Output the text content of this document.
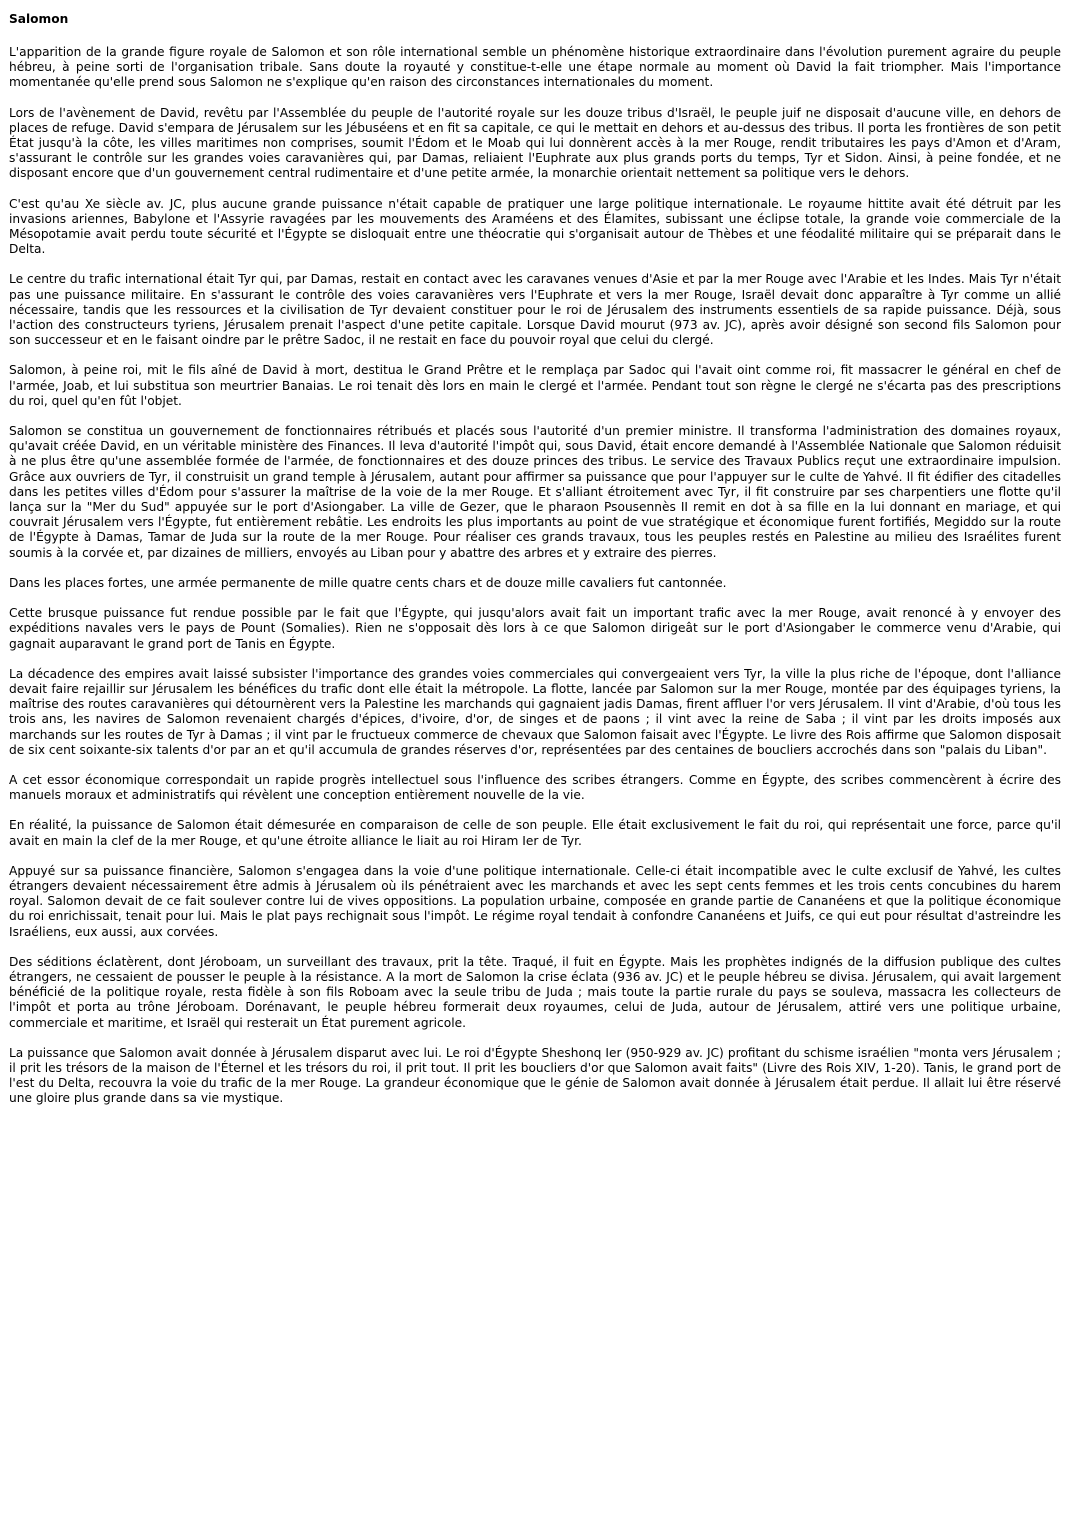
Salomon

L'apparition de la grande figure royale de Salomon et son rôle international semble un phénomène historique extraordinaire dans l'évolution purement agraire du peuple hébreu, à peine sorti de l'organisation tribale. Sans doute la royauté y constitue-t-elle une étape normale au moment où David la fait triompher. Mais l'importance momentanée qu'elle prend sous Salomon ne s'explique qu'en raison des circonstances internationales du moment.

Lors de l'avènement de David, revêtu par l'Assemblée du peuple de l'autorité royale sur les douze tribus d'Israël, le peuple juif ne disposait d'aucune ville, en dehors de places de refuge. David s'empara de Jérusalem sur les Jébuséens et en fit sa capitale, ce qui le mettait en dehors et au-dessus des tribus. Il porta les frontières de son petit État jusqu'à la côte, les villes maritimes non comprises, soumit l'Édom et le Moab qui lui donnèrent accès à la mer Rouge, rendit tributaires les pays d'Amon et d'Aram, s'assurant le contrôle sur les grandes voies caravanières qui, par Damas, reliaient l'Euphrate aux plus grands ports du temps, Tyr et Sidon. Ainsi, à peine fondée, et ne disposant encore que d'un gouvernement central rudimentaire et d'une petite armée, la monarchie orientait nettement sa politique vers le dehors.

C'est qu'au Xe siècle av. JC, plus aucune grande puissance n'était capable de pratiquer une large politique internationale. Le royaume hittite avait été détruit par les invasions ariennes, Babylone et l'Assyrie ravagées par les mouvements des Araméens et des Élamites, subissant une éclipse totale, la grande voie commerciale de la Mésopotamie avait perdu toute sécurité et l'Égypte se disloquait entre une théocratie qui s'organisait autour de Thèbes et une féodalité militaire qui se préparait dans le Delta.

Le centre du trafic international était Tyr qui, par Damas, restait en contact avec les caravanes venues d'Asie et par la mer Rouge avec l'Arabie et les Indes. Mais Tyr n'était pas une puissance militaire. En s'assurant le contrôle des voies caravanières vers l'Euphrate et vers la mer Rouge, Israël devait donc apparaître à Tyr comme un allié nécessaire, tandis que les ressources et la civilisation de Tyr devaient constituer pour le roi de Jérusalem des instruments essentiels de sa rapide puissance. Déjà, sous l'action des constructeurs tyriens, Jérusalem prenait l'aspect d'une petite capitale. Lorsque David mourut (973 av. JC), après avoir désigné son second fils Salomon pour son successeur et en le faisant oindre par le prêtre Sadoc, il ne restait en face du pouvoir royal que celui du clergé.

Salomon, à peine roi, mit le fils aîné de David à mort, destitua le Grand Prêtre et le remplaça par Sadoc qui l'avait oint comme roi, fit massacrer le général en chef de l'armée, Joab, et lui substitua son meurtrier Banaias. Le roi tenait dès lors en main le clergé et l'armée. Pendant tout son règne le clergé ne s'écarta pas des prescriptions du roi, quel qu'en fût l'objet.

Salomon se constitua un gouvernement de fonctionnaires rétribués et placés sous l'autorité d'un premier ministre. Il transforma l'administration des domaines royaux, qu'avait créée David, en un véritable ministère des Finances. Il leva d'autorité l'impôt qui, sous David, était encore demandé à l'Assemblée Nationale que Salomon réduisit à ne plus être qu'une assemblée formée de l'armée, de fonctionnaires et des douze princes des tribus. Le service des Travaux Publics reçut une extraordinaire impulsion. Grâce aux ouvriers de Tyr, il construisit un grand temple à Jérusalem, autant pour affirmer sa puissance que pour l'appuyer sur le culte de Yahvé. Il fit édifier des citadelles dans les petites villes d'Édom pour s'assurer la maîtrise de la voie de la mer Rouge. Et s'alliant étroitement avec Tyr, il fit construire par ses charpentiers une flotte qu'il lança sur la "Mer du Sud" appuyée sur le port d'Asiongaber. La ville de Gezer, que le pharaon Psousennès II remit en dot à sa fille en la lui donnant en mariage, et qui couvrait Jérusalem vers l'Égypte, fut entièrement rebâtie. Les endroits les plus importants au point de vue stratégique et économique furent fortifiés, Megiddo sur la route de l'Égypte à Damas, Tamar de Juda sur la route de la mer Rouge. Pour réaliser ces grands travaux, tous les peuples restés en Palestine au milieu des Israélites furent soumis à la corvée et, par dizaines de milliers, envoyés au Liban pour y abattre des arbres et y extraire des pierres.

Dans les places fortes, une armée permanente de mille quatre cents chars et de douze mille cavaliers fut cantonnée.

Cette brusque puissance fut rendue possible par le fait que l'Égypte, qui jusqu'alors avait fait un important trafic avec la mer Rouge, avait renoncé à y envoyer des expéditions navales vers le pays de Pount (Somalies). Rien ne s'opposait dès lors à ce que Salomon dirigeât sur le port d'Asiongaber le commerce venu d'Arabie, qui gagnait auparavant le grand port de Tanis en Égypte.

La décadence des empires avait laissé subsister l'importance des grandes voies commerciales qui convergeaient vers Tyr, la ville la plus riche de l'époque, dont l'alliance devait faire rejaillir sur Jérusalem les bénéfices du trafic dont elle était la métropole. La flotte, lancée par Salomon sur la mer Rouge, montée par des équipages tyriens, la maîtrise des routes caravanières qui détournèrent vers la Palestine les marchands qui gagnaient jadis Damas, firent affluer l'or vers Jérusalem. Il vint d'Arabie, d'où tous les trois ans, les navires de Salomon revenaient chargés d'épices, d'ivoire, d'or, de singes et de paons ; il vint avec la reine de Saba ; il vint par les droits imposés aux marchands sur les routes de Tyr à Damas ; il vint par le fructueux commerce de chevaux que Salomon faisait avec l'Égypte. Le livre des Rois affirme que Salomon disposait de six cent soixante-six talents d'or par an et qu'il accumula de grandes réserves d'or, représentées par des centaines de boucliers accrochés dans son "palais du Liban".

A cet essor économique correspondait un rapide progrès intellectuel sous l'influence des scribes étrangers. Comme en Égypte, des scribes commencèrent à écrire des manuels moraux et administratifs qui révèlent une conception entièrement nouvelle de la vie.

En réalité, la puissance de Salomon était démesurée en comparaison de celle de son peuple. Elle était exclusivement le fait du roi, qui représentait une force, parce qu'il avait en main la clef de la mer Rouge, et qu'une étroite alliance le liait au roi Hiram Ier de Tyr.

Appuyé sur sa puissance financière, Salomon s'engagea dans la voie d'une politique internationale. Celle-ci était incompatible avec le culte exclusif de Yahvé, les cultes étrangers devaient nécessairement être admis à Jérusalem où ils pénétraient avec les marchands et avec les sept cents femmes et les trois cents concubines du harem royal. Salomon devait de ce fait soulever contre lui de vives oppositions. La population urbaine, composée en grande partie de Cananéens et que la politique économique du roi enrichissait, tenait pour lui. Mais le plat pays rechignait sous l'impôt. Le régime royal tendait à confondre Cananéens et Juifs, ce qui eut pour résultat d'astreindre les Israéliens, eux aussi, aux corvées.

Des séditions éclatèrent, dont Jéroboam, un surveillant des travaux, prit la tête. Traqué, il fuit en Égypte. Mais les prophètes indignés de la diffusion publique des cultes étrangers, ne cessaient de pousser le peuple à la résistance. A la mort de Salomon la crise éclata (936 av. JC) et le peuple hébreu se divisa. Jérusalem, qui avait largement bénéficié de la politique royale, resta fidèle à son fils Roboam avec la seule tribu de Juda ; mais toute la partie rurale du pays se souleva, massacra les collecteurs de l'impôt et porta au trône Jéroboam. Dorénavant, le peuple hébreu formerait deux royaumes, celui de Juda, autour de Jérusalem, attiré vers une politique urbaine, commerciale et maritime, et Israël qui resterait un État purement agricole.

La puissance que Salomon avait donnée à Jérusalem disparut avec lui. Le roi d'Égypte Sheshonq Ier (950-929 av. JC) profitant du schisme israélien "monta vers Jérusalem ; il prit les trésors de la maison de l'Éternel et les trésors du roi, il prit tout. Il prit les boucliers d'or que Salomon avait faits" (Livre des Rois XIV, 1-20). Tanis, le grand port de l'est du Delta, recouvra la voie du trafic de la mer Rouge. La grandeur économique que le génie de Salomon avait donnée à Jérusalem était perdue. Il allait lui être réservé une gloire plus grande dans sa vie mystique.
